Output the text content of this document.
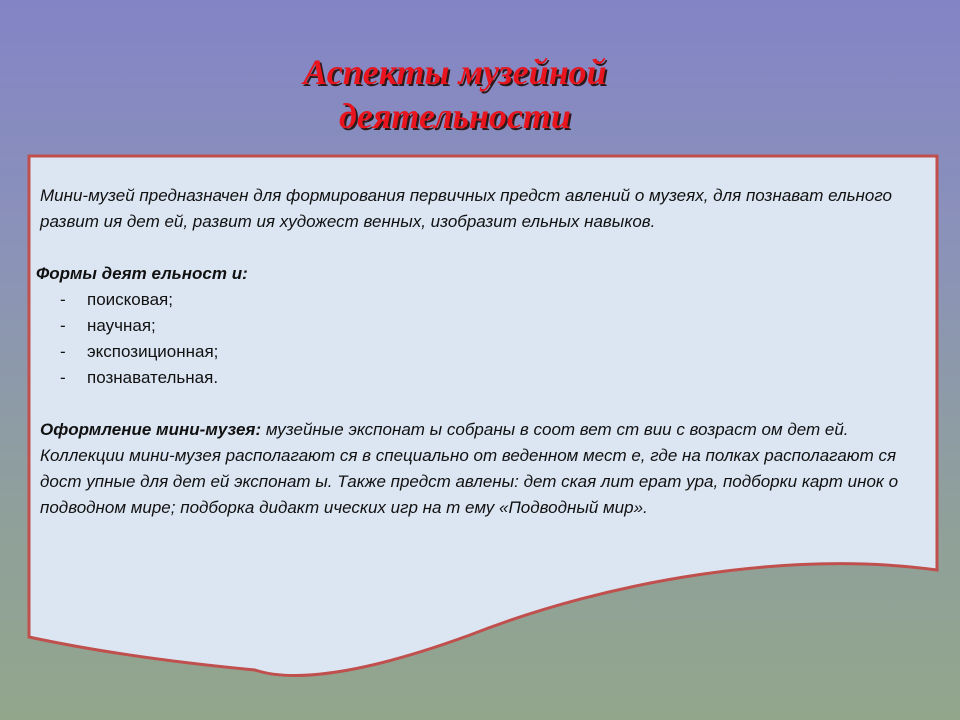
Аспекты музейной
деятельности

Мини-музей предназначен для формирования первичных предст авлений о музеях, для познават ельного развит ия дет ей, развит ия художест венных, изобразит ельных навыков.

Формы деят ельност и:

- поисковая;
- научная;
- экспозиционная;
- познавательная.

Оформление мини-музея: музейные экспонат ы собраны в соот вет ст вии с возраст ом дет ей. Коллекции мини-музея располагают ся в специально от веденном мест е, где на полках располагают ся дост упные для дет ей экспонат ы. Также предст авлены: дет ская лит ерат ура, подборки карт инок о подводном мире; подборка дидакт ических игр на т ему «Подводный мир».
